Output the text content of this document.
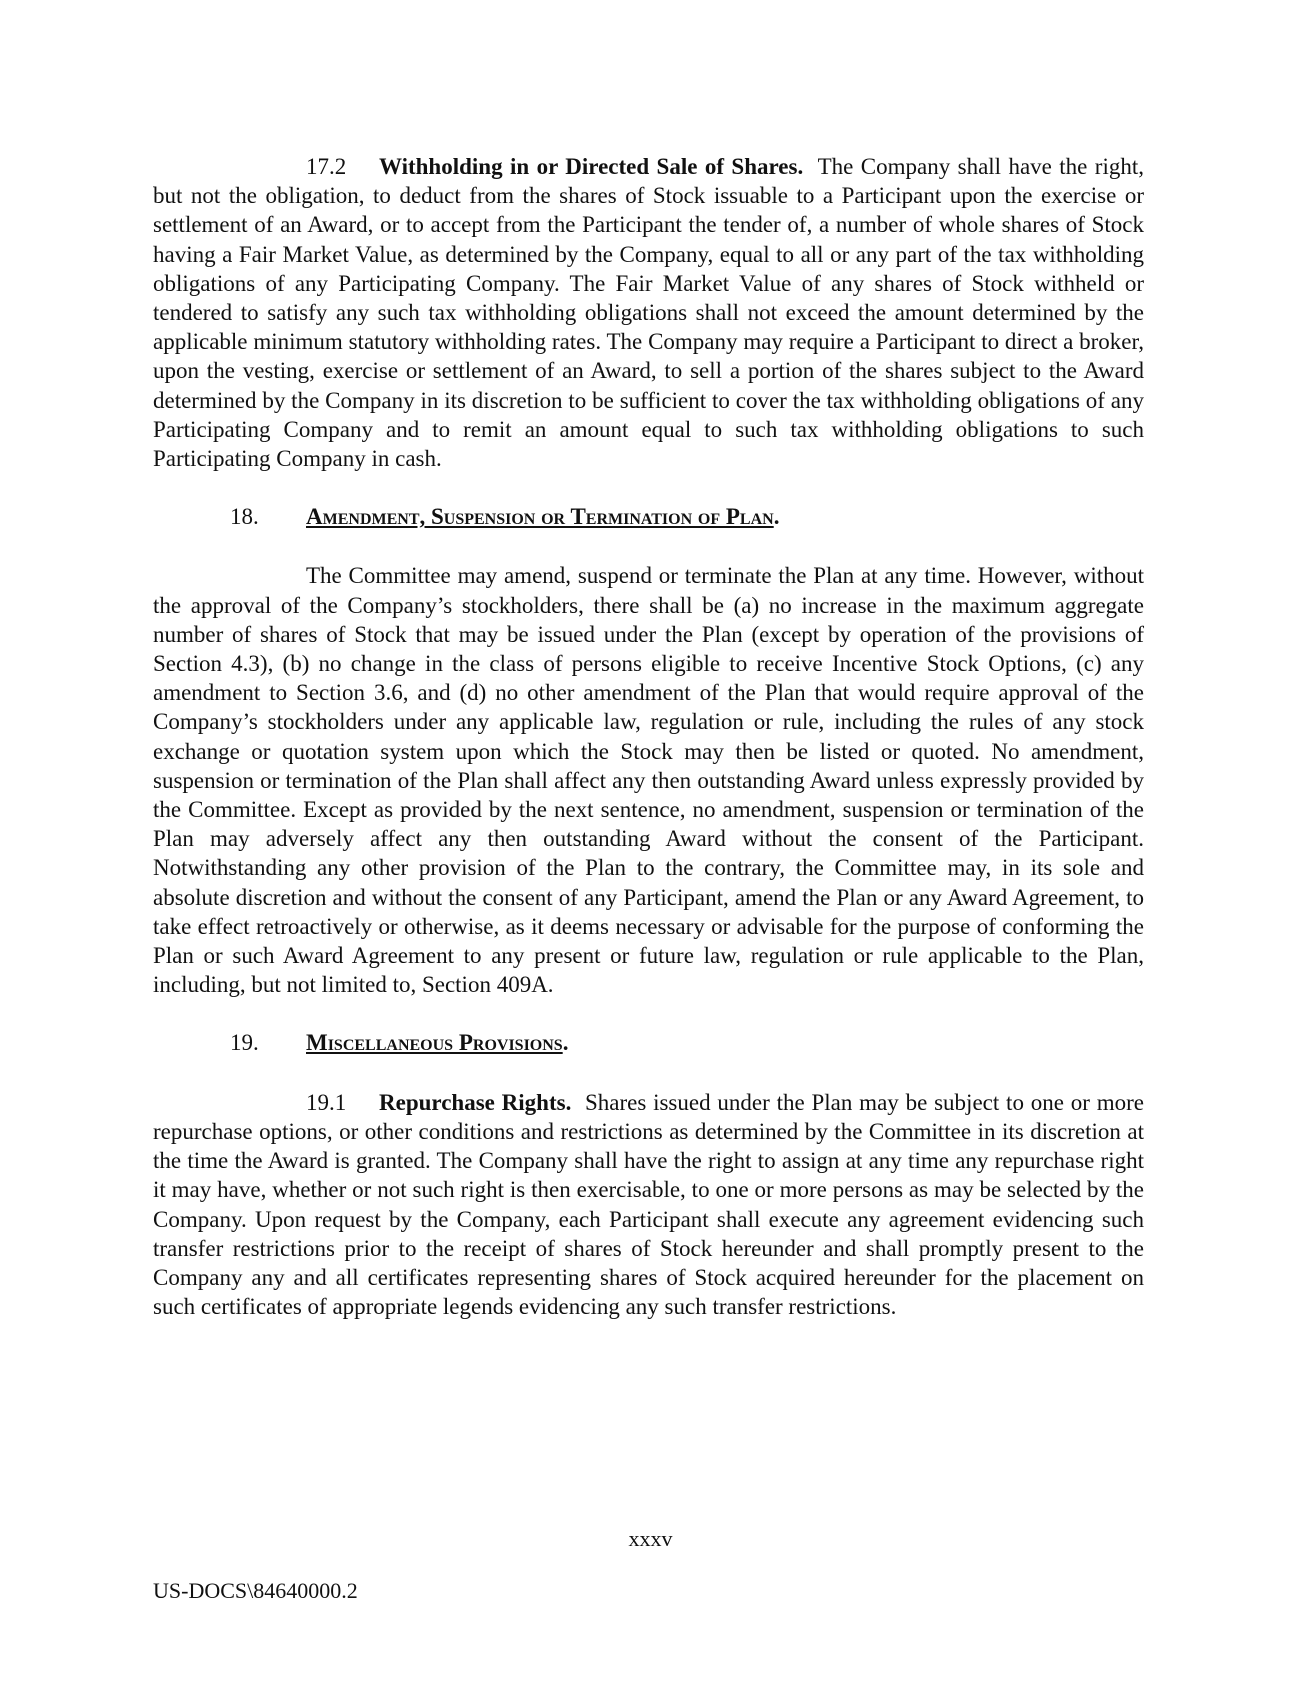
17.2 Withholding in or Directed Sale of Shares. The Company shall have the right, but not the obligation, to deduct from the shares of Stock issuable to a Participant upon the exercise or settlement of an Award, or to accept from the Participant the tender of, a number of whole shares of Stock having a Fair Market Value, as determined by the Company, equal to all or any part of the tax withholding obligations of any Participating Company. The Fair Market Value of any shares of Stock withheld or tendered to satisfy any such tax withholding obligations shall not exceed the amount determined by the applicable minimum statutory withholding rates. The Company may require a Participant to direct a broker, upon the vesting, exercise or settlement of an Award, to sell a portion of the shares subject to the Award determined by the Company in its discretion to be sufficient to cover the tax withholding obligations of any Participating Company and to remit an amount equal to such tax withholding obligations to such Participating Company in cash.

18. Amendment, Suspension or Termination of Plan.

The Committee may amend, suspend or terminate the Plan at any time. However, without the approval of the Company’s stockholders, there shall be (a) no increase in the maximum aggregate number of shares of Stock that may be issued under the Plan (except by operation of the provisions of Section 4.3), (b) no change in the class of persons eligible to receive Incentive Stock Options, (c) any amendment to Section 3.6, and (d) no other amendment of the Plan that would require approval of the Company’s stockholders under any applicable law, regulation or rule, including the rules of any stock exchange or quotation system upon which the Stock may then be listed or quoted. No amendment, suspension or termination of the Plan shall affect any then outstanding Award unless expressly provided by the Committee. Except as provided by the next sentence, no amendment, suspension or termination of the Plan may adversely affect any then outstanding Award without the consent of the Participant. Notwithstanding any other provision of the Plan to the contrary, the Committee may, in its sole and absolute discretion and without the consent of any Participant, amend the Plan or any Award Agreement, to take effect retroactively or otherwise, as it deems necessary or advisable for the purpose of conforming the Plan or such Award Agreement to any present or future law, regulation or rule applicable to the Plan, including, but not limited to, Section 409A.

19. Miscellaneous Provisions.

19.1 Repurchase Rights. Shares issued under the Plan may be subject to one or more repurchase options, or other conditions and restrictions as determined by the Committee in its discretion at the time the Award is granted. The Company shall have the right to assign at any time any repurchase right it may have, whether or not such right is then exercisable, to one or more persons as may be selected by the Company. Upon request by the Company, each Participant shall execute any agreement evidencing such transfer restrictions prior to the receipt of shares of Stock hereunder and shall promptly present to the Company any and all certificates representing shares of Stock acquired hereunder for the placement on such certificates of appropriate legends evidencing any such transfer restrictions.

xxxv
US-DOCS\84640000.2
